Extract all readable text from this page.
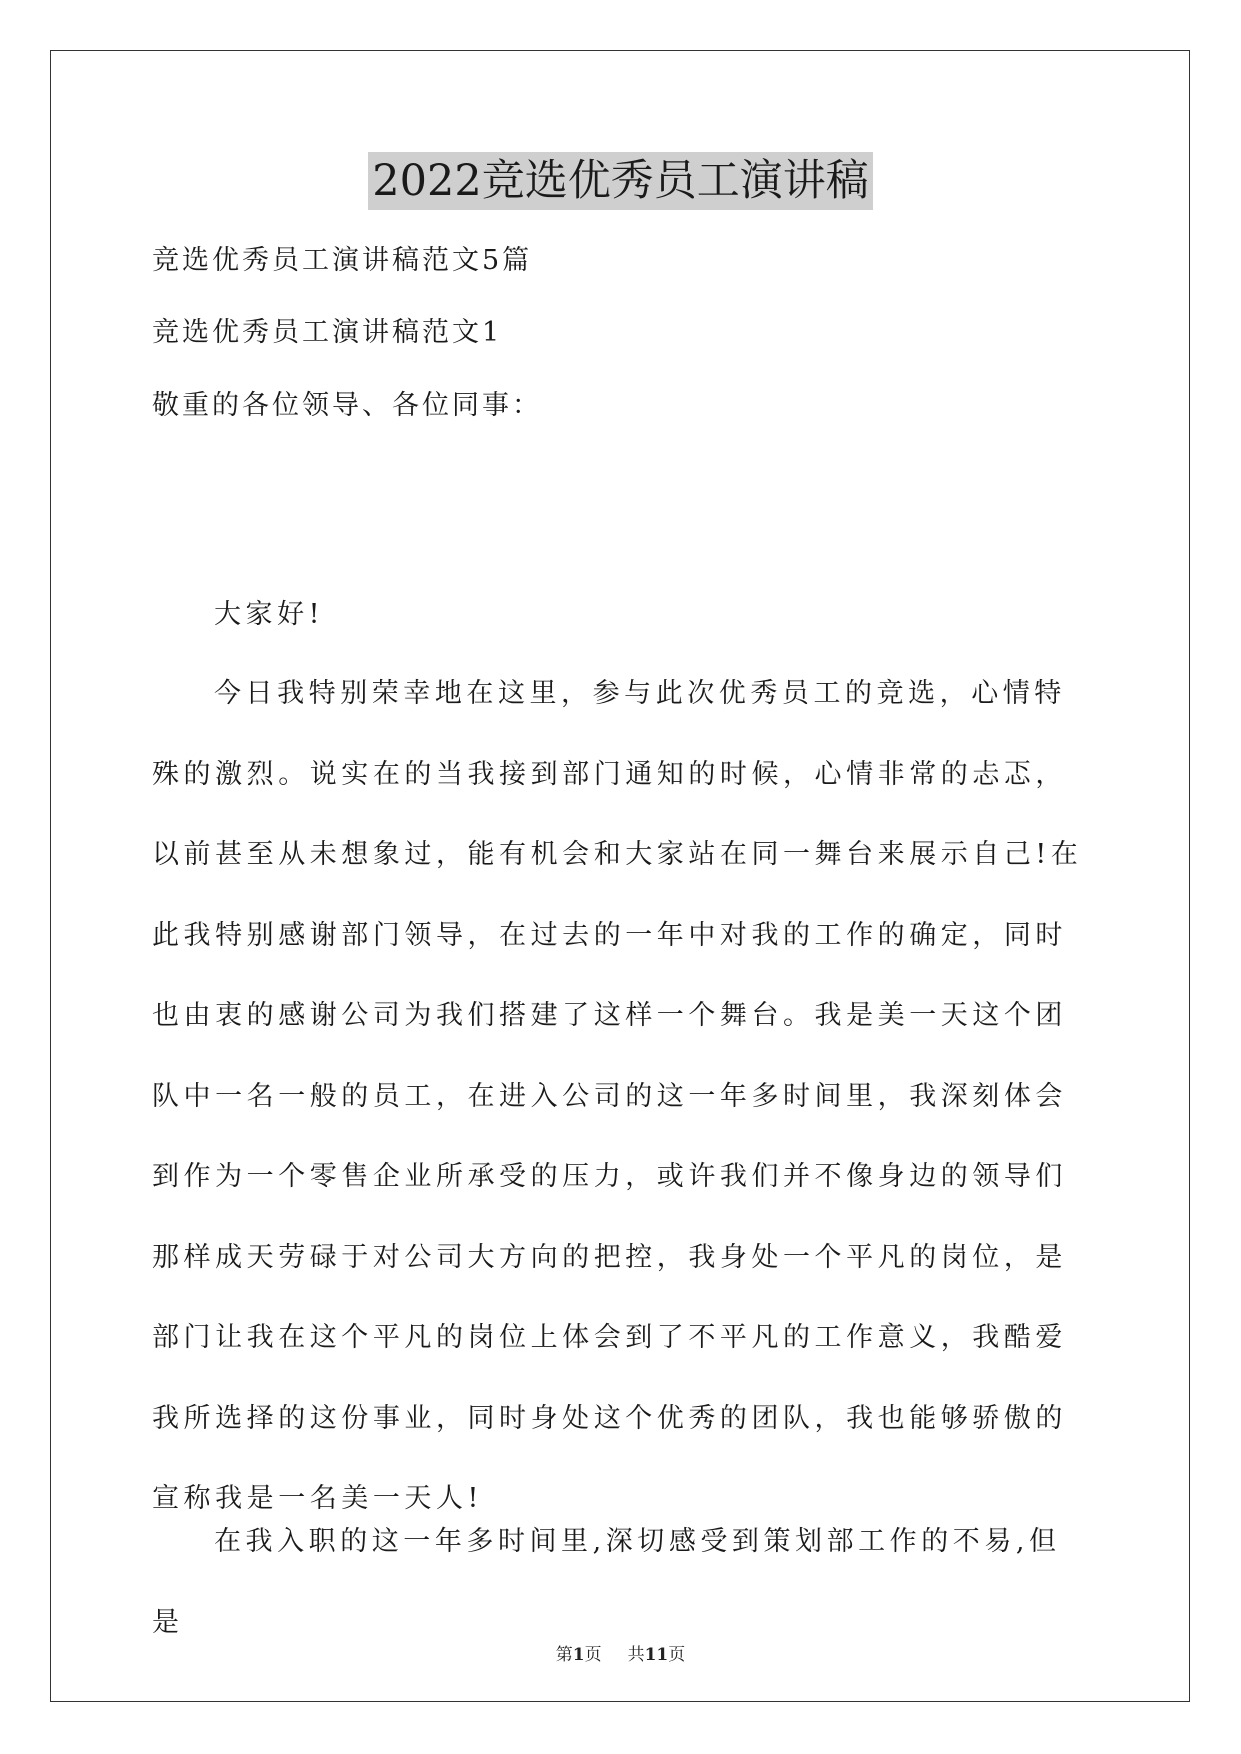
2022竞选优秀员工演讲稿
竞选优秀员工演讲稿范文5篇
竞选优秀员工演讲稿范文1
敬重的各位领导、各位同事：
大家好!
今日我特别荣幸地在这里，参与此次优秀员工的竞选，心情特殊的激烈。说实在的当我接到部门通知的时候，心情非常的忐忑，以前甚至从未想象过，能有机会和大家站在同一舞台来展示自己!在此我特别感谢部门领导，在过去的一年中对我的工作的确定，同时也由衷的感谢公司为我们搭建了这样一个舞台。我是美一天这个团队中一名一般的员工，在进入公司的这一年多时间里，我深刻体会到作为一个零售企业所承受的压力，或许我们并不像身边的领导们那样成天劳碌于对公司大方向的把控，我身处一个平凡的岗位，是部门让我在这个平凡的岗位上体会到了不平凡的工作意义，我酷爱我所选择的这份事业，同时身处这个优秀的团队，我也能够骄傲的宣称我是一名美一天人!
在我入职的这一年多时间里,深切感受到策划部工作的不易,但是
第1页 共11页
